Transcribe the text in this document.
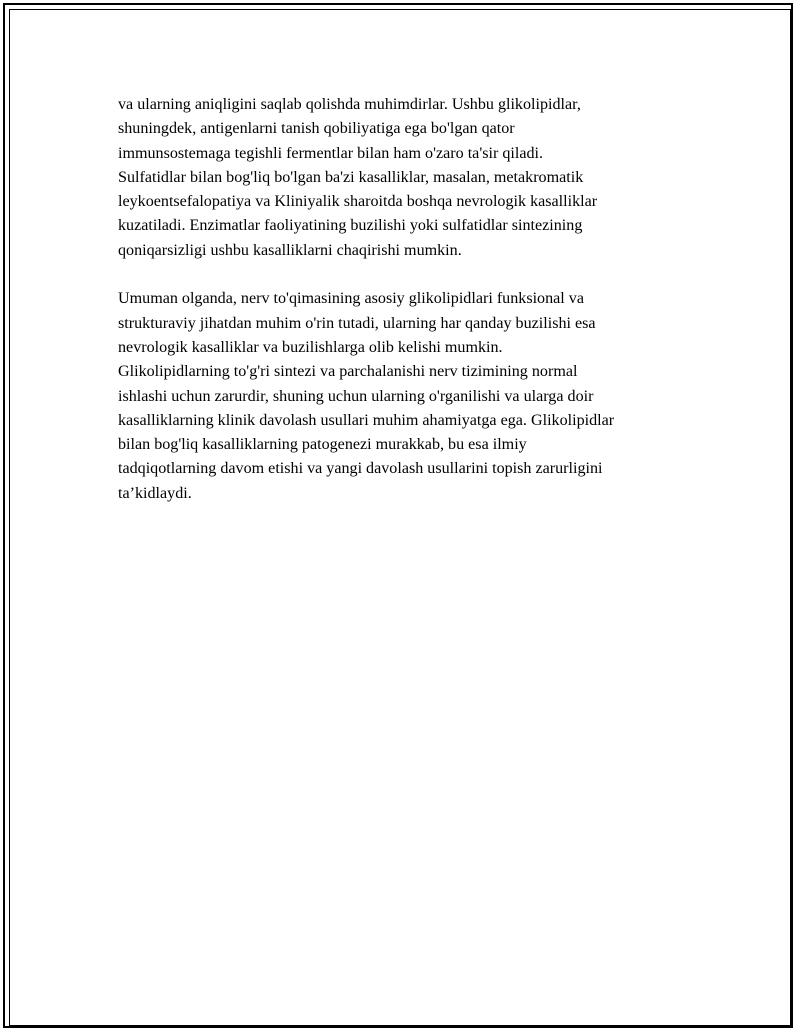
va ularning aniqligini saqlab qolishda muhimdirlar. Ushbu glikolipidlar,
shuningdek, antigenlarni tanish qobiliyatiga ega bo'lgan qator
immunsostemaga tegishli fermentlar bilan ham o'zaro ta'sir qiladi.
Sulfatidlar bilan bog'liq bo'lgan ba'zi kasalliklar, masalan, metakromatik
leykoentsefalopatiya va Kliniyalik sharoitda boshqa nevrologik kasalliklar
kuzatiladi. Enzimatlar faoliyatining buzilishi yoki sulfatidlar sintezining
qoniqarsizligi ushbu kasalliklarni chaqirishi mumkin.

Umuman olganda, nerv to'qimasining asosiy glikolipidlari funksional va
strukturaviy jihatdan muhim o'rin tutadi, ularning har qanday buzilishi esa
nevrologik kasalliklar va buzilishlarga olib kelishi mumkin.
Glikolipidlarning to'g'ri sintezi va parchalanishi nerv tizimining normal
ishlashi uchun zarurdir, shuning uchun ularning o'rganilishi va ularga doir
kasalliklarning klinik davolash usullari muhim ahamiyatga ega. Glikolipidlar
bilan bog'liq kasalliklarning patogenezi murakkab, bu esa ilmiy
tadqiqotlarning davom etishi va yangi davolash usullarini topish zarurligini
ta’kidlaydi.
